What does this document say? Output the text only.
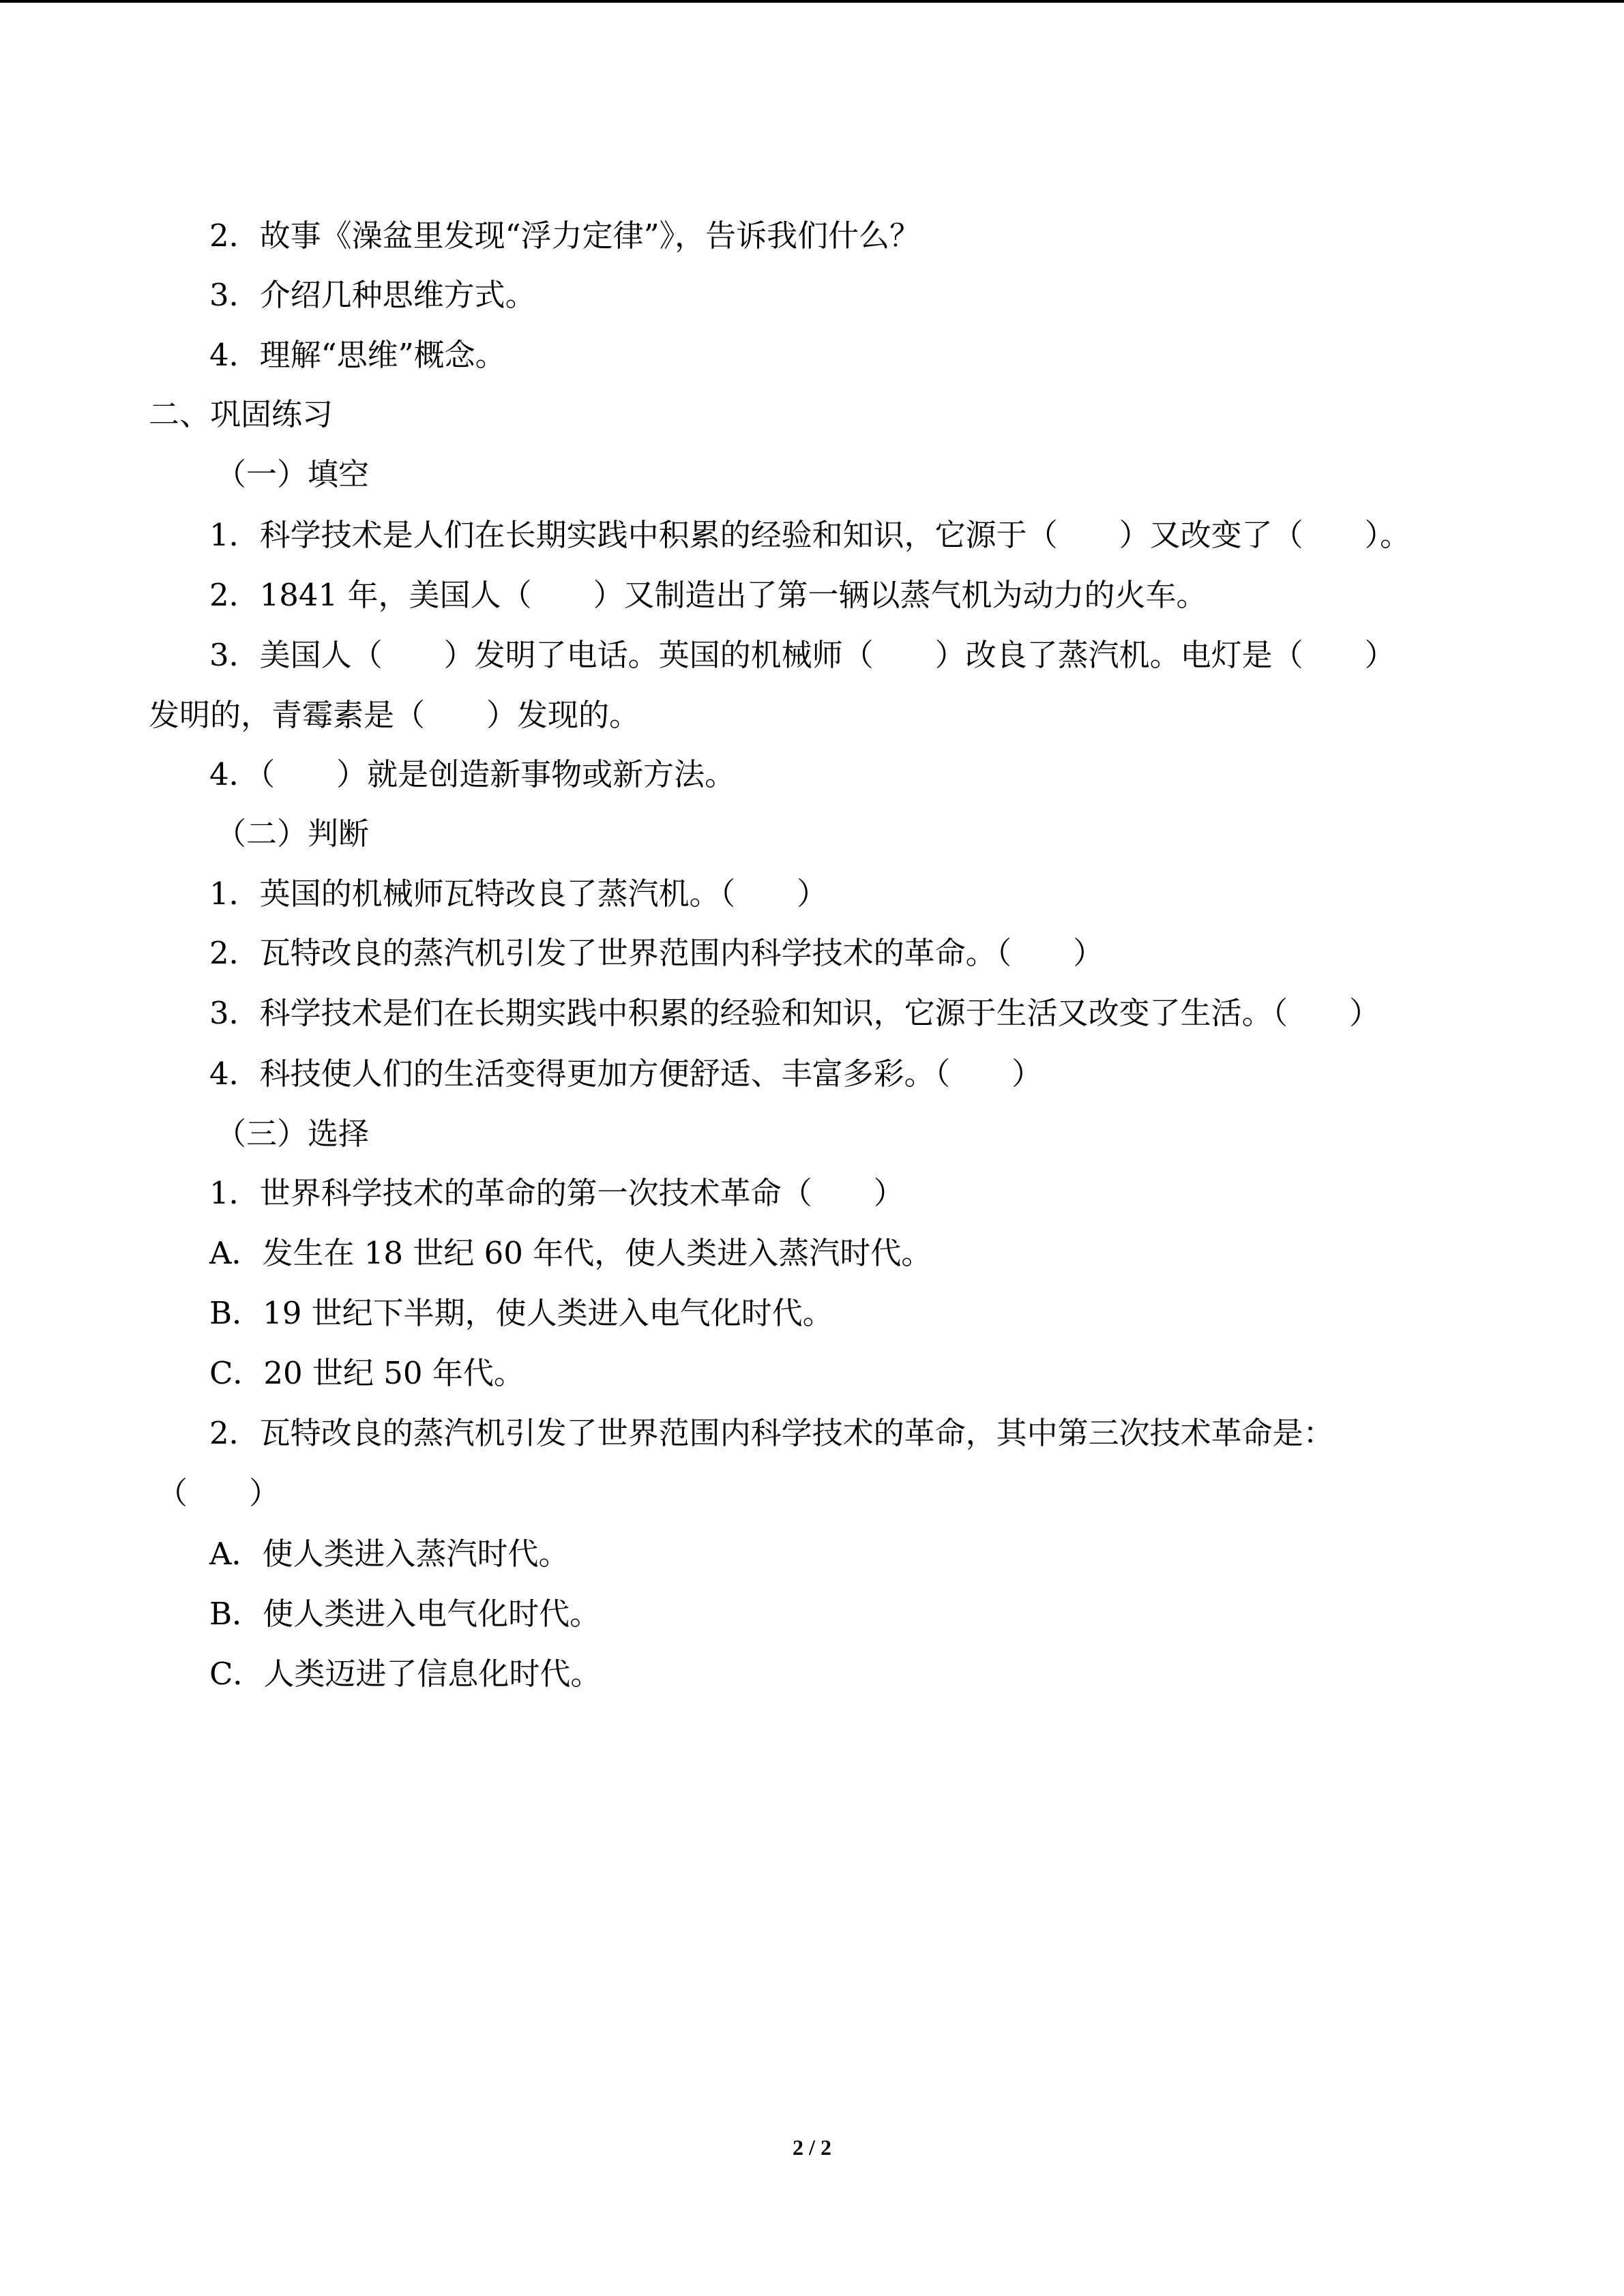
2．故事《澡盆里发现“浮力定律”》，告诉我们什么？
3．介绍几种思维方式。
4．理解“思维”概念。
二、巩固练习
（一）填空
1．科学技术是人们在长期实践中积累的经验和知识，它源于（　　）又改变了（　　）。
2．1841 年，美国人（　　）又制造出了第一辆以蒸气机为动力的火车。
3．美国人（　　）发明了电话。英国的机械师（　　）改良了蒸汽机。电灯是（　　）
发明的，青霉素是（　　）发现的。
4．（　　）就是创造新事物或新方法。
（二）判断
1．英国的机械师瓦特改良了蒸汽机。（　　）
2．瓦特改良的蒸汽机引发了世界范围内科学技术的革命。（　　）
3．科学技术是们在长期实践中积累的经验和知识，它源于生活又改变了生活。（　　）
4．科技使人们的生活变得更加方便舒适、丰富多彩。（　　）
（三）选择
1．世界科学技术的革命的第一次技术革命（　　）
A．发生在 18 世纪 60 年代，使人类进入蒸汽时代。
B．19 世纪下半期，使人类进入电气化时代。
C．20 世纪 50 年代。
2．瓦特改良的蒸汽机引发了世界范围内科学技术的革命，其中第三次技术革命是：
（　　）
A．使人类进入蒸汽时代。
B．使人类进入电气化时代。
C．人类迈进了信息化时代。
2 / 2
